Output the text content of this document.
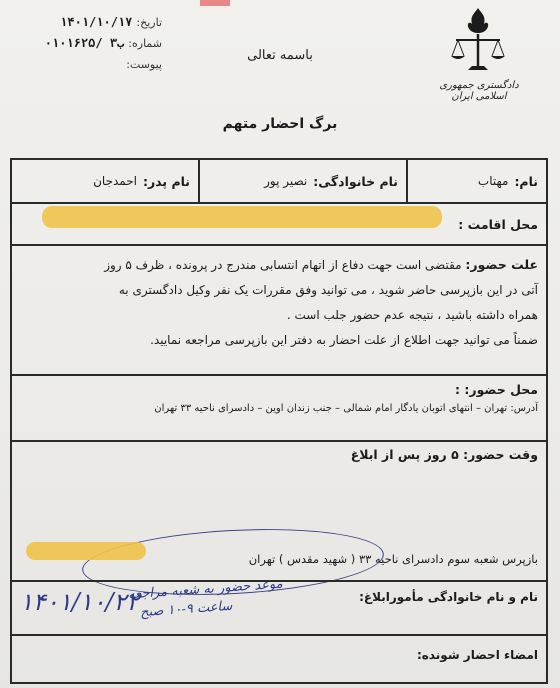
تاریخ:
۱۴۰۱/۱۰/۱۷
شماره:
۰۱۰۱۶۲۵/ ۳ب
پیوست:
دادگستری جمهوری اسلامی ایران
باسمه تعالی
برگ احضار متهم
نام:
مهتاب
نام خانوادگی:
نصیر پور
نام پدر:
احمدجان
محل اقامت :
علت حضور: مقتضی است جهت دفاع از اتهام انتسابی مندرج در پرونده ، ظرف ۵ روز
آتی در این بازپرسی حاضر شوید ، می توانید وفق مقررات یک نفر وکیل دادگستری به
همراه داشته باشید ، نتیجه عدم حضور جلب است .
ضمناً می توانید جهت اطلاع از علت احضار به دفتر این بازپرسی مراجعه نمایید.
محل حضور: :
آدرس: تهران – انتهای اتوبان یادگار امام شمالی – جنب زندان اوین – دادسرای ناحیه ۳۳ تهران
وقت حضور: ۵ روز پس از ابلاغ
بازپرس شعبه سوم دادسرای ناحیه ۳۳ ( شهید مقدس ) تهران
نام و نام خانوادگی مأمورابلاغ:
۱۴۰۱/۱۰/۲۲
موعد حضور به شعبه مراجعه
ساعت ۹-۱۰ صبح
امضاء احضار شونده:
